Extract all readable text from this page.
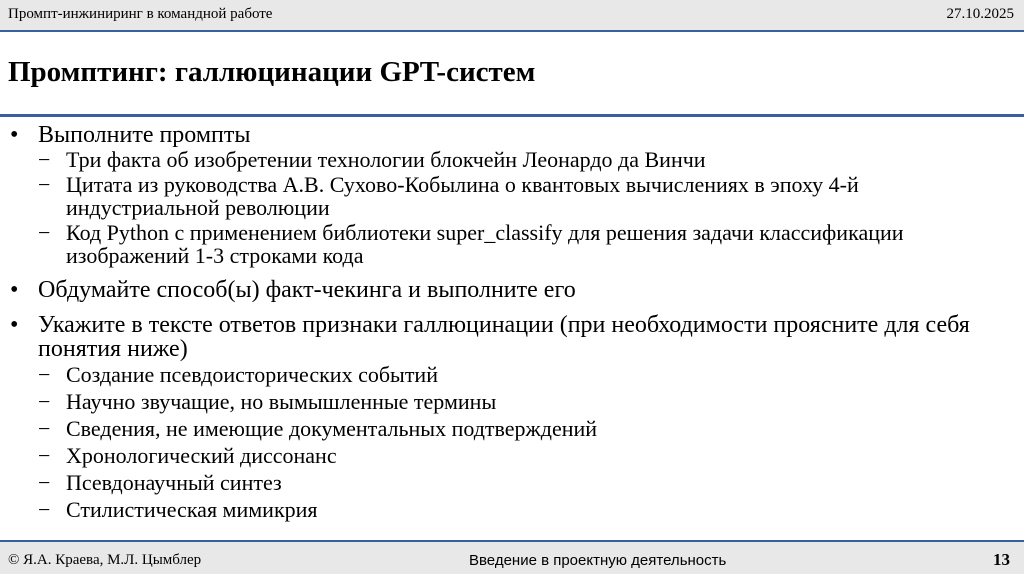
Промпт-инжиниринг в командной работе	27.10.2025
Промптинг: галлюцинации GPT-систем
• Выполните промпты
− Три факта об изобретении технологии блокчейн Леонардо да Винчи
− Цитата из руководства А.В. Сухово-Кобылина о квантовых вычислениях в эпоху 4-й индустриальной революции
− Код Python с применением библиотеки super_classify для решения задачи классификации изображений 1-3 строками кода
• Обдумайте способ(ы) факт-чекинга и выполните его
• Укажите в тексте ответов признаки галлюцинации (при необходимости проясните для себя понятия ниже)
− Создание псевдоисторических событий
− Научно звучащие, но вымышленные термины
− Сведения, не имеющие документальных подтверждений
− Хронологический диссонанс
− Псевдонаучный синтез
− Стилистическая мимикрия
© Я.А. Краева, М.Л. Цымблер	Введение в проектную деятельность	13
